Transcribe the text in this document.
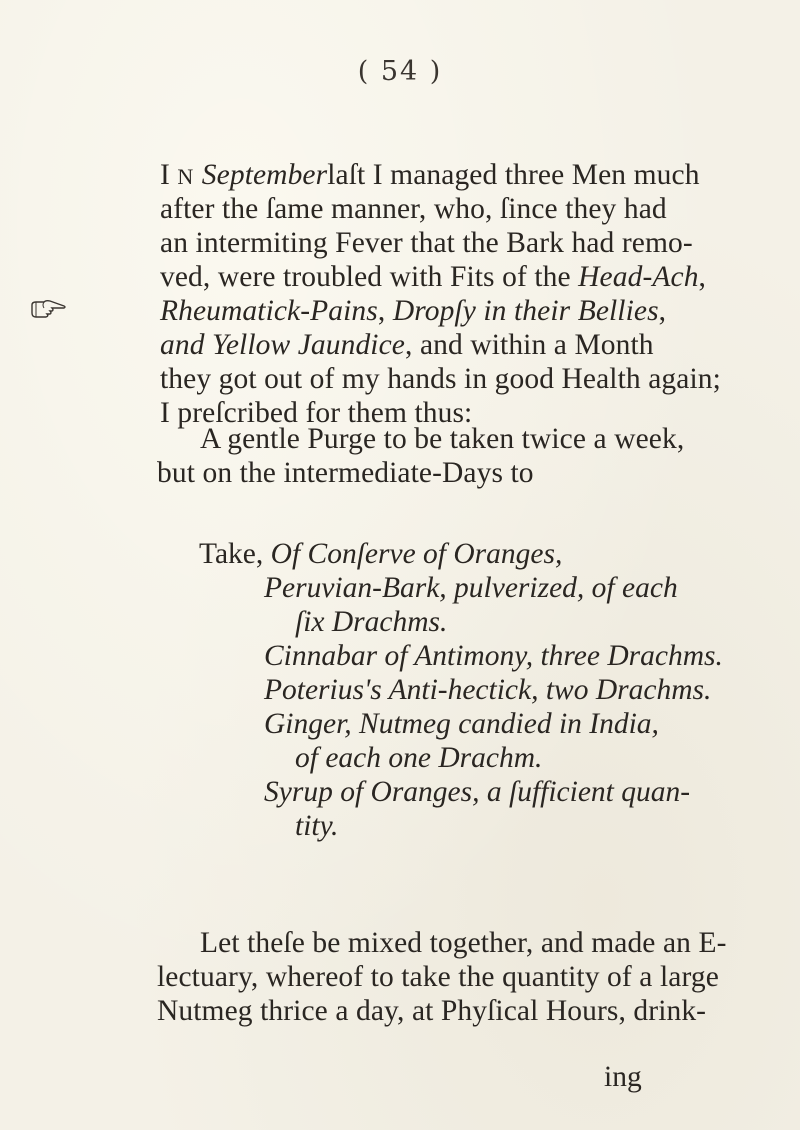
( 54 )
I N Septemberlaſt I managed three Men much
after the ſame manner, who, ſince they had
an intermiting Fever that the Bark had remo-
ved, were troubled with Fits of the Head-Ach,
Rheumatick-Pains, Dropſy in their Bellies,
and Yellow Jaundice, and within a Month
they got out of my hands in good Health again;
I preſcribed for them thus:
A gentle Purge to be taken twice a week,
but on the intermediate-Days to
Take, Of Conſerve of Oranges,
Peruvian-Bark, pulverized, of each
ſix Drachms.
Cinnabar of Antimony, three Drachms.
Poterius's Anti-hectick, two Drachms.
Ginger, Nutmeg candied in India,
of each one Drachm.
Syrup of Oranges, a ſufficient quan-
tity.
Let theſe be mixed together, and made an E-
lectuary, whereof to take the quantity of a large
Nutmeg thrice a day, at Phyſical Hours, drink-
ing
